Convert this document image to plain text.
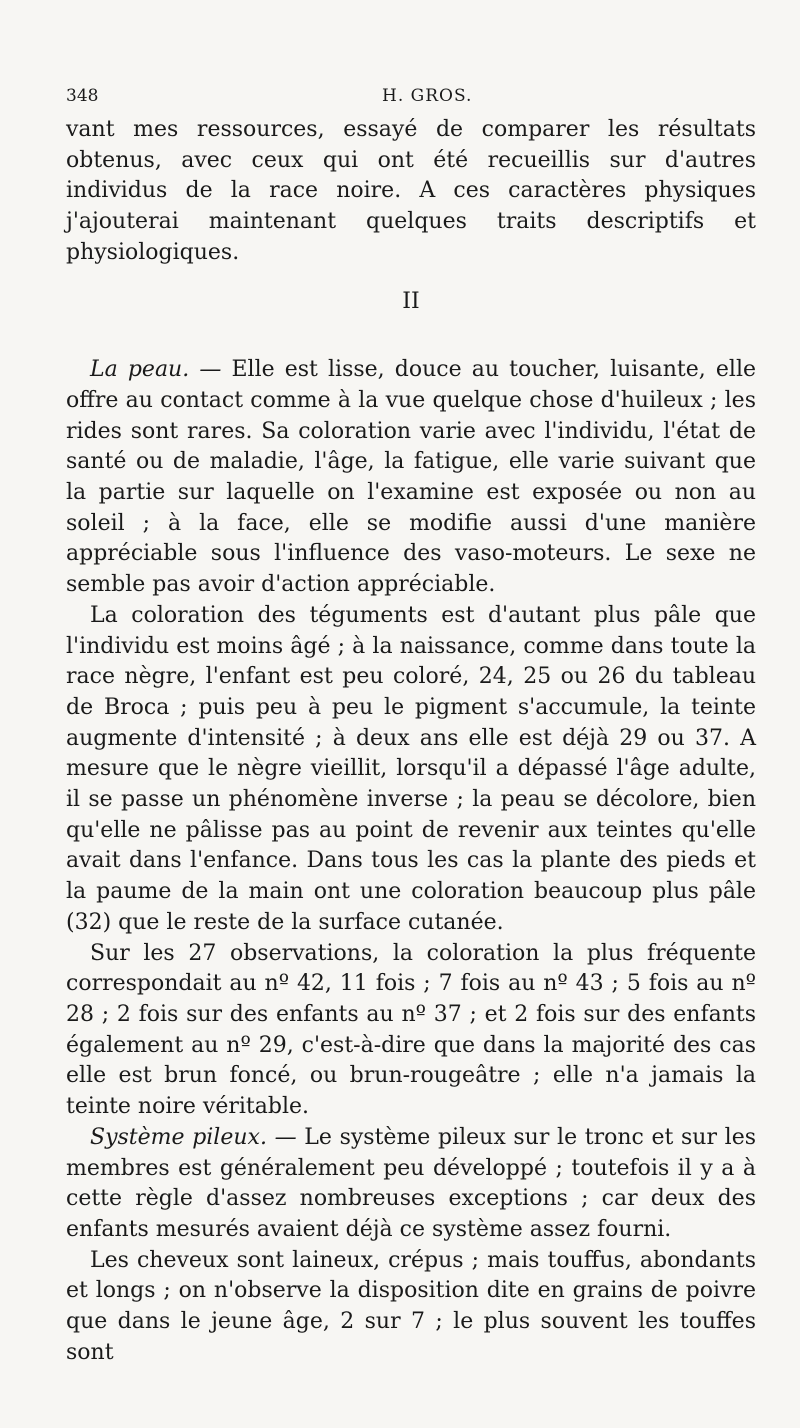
348	H. GROS.

vant mes ressources, essayé de comparer les résultats obtenus, avec ceux qui ont été recueillis sur d'autres individus de la race noire. A ces caractères physiques j'ajouterai maintenant quelques traits descriptifs et physiologiques.

II

La peau. — Elle est lisse, douce au toucher, luisante, elle offre au contact comme à la vue quelque chose d'huileux ; les rides sont rares. Sa coloration varie avec l'individu, l'état de santé ou de maladie, l'âge, la fatigue, elle varie suivant que la partie sur laquelle on l'examine est exposée ou non au soleil ; à la face, elle se modifie aussi d'une manière appréciable sous l'influence des vaso-moteurs. Le sexe ne semble pas avoir d'action appréciable.

La coloration des téguments est d'autant plus pâle que l'individu est moins âgé ; à la naissance, comme dans toute la race nègre, l'enfant est peu coloré, 24, 25 ou 26 du tableau de Broca ; puis peu à peu le pigment s'accumule, la teinte augmente d'intensité ; à deux ans elle est déjà 29 ou 37. A mesure que le nègre vieillit, lorsqu'il a dépassé l'âge adulte, il se passe un phénomène inverse ; la peau se décolore, bien qu'elle ne pâlisse pas au point de revenir aux teintes qu'elle avait dans l'enfance. Dans tous les cas la plante des pieds et la paume de la main ont une coloration beaucoup plus pâle (32) que le reste de la surface cutanée.

Sur les 27 observations, la coloration la plus fréquente correspondait au nº 42, 11 fois ; 7 fois au nº 43 ; 5 fois au nº 28 ; 2 fois sur des enfants au nº 37 ; et 2 fois sur des enfants également au nº 29, c'est-à-dire que dans la majorité des cas elle est brun foncé, ou brun-rougeâtre ; elle n'a jamais la teinte noire véritable.

Système pileux. — Le système pileux sur le tronc et sur les membres est généralement peu développé ; toutefois il y a à cette règle d'assez nombreuses exceptions ; car deux des enfants mesurés avaient déjà ce système assez fourni.

Les cheveux sont laineux, crépus ; mais touffus, abondants et longs ; on n'observe la disposition dite en grains de poivre que dans le jeune âge, 2 sur 7 ; le plus souvent les touffes sont
